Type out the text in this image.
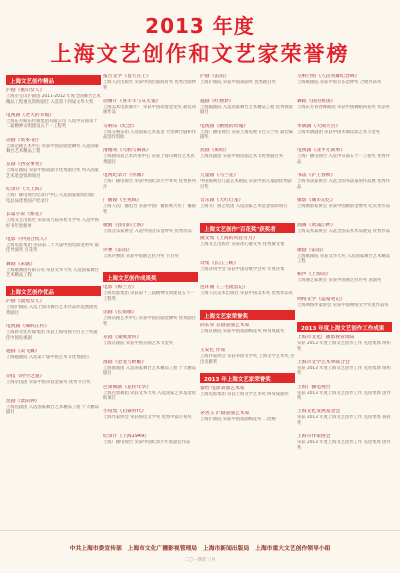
2013 年度
上海文艺创作和文艺家荣誉榜
上海文艺创作精品
沪剧《挑山女人》
上海市宝山沪剧团 2011-2012 年度全国舞台艺术精品工程重点资助剧目 入选第十四届文华大奖
电视剧《老大的幸福》
上海东方娱乐传媒集团有限公司 入选中宣部第十二届精神文明建设五个一工程奖
话剧《资本·论》
上海话剧艺术中心 荣获中国话剧金狮奖 入选国家舞台艺术精品工程
京剧《西安事变》
上海京剧院 荣获中国戏剧节优秀剧目奖 列入国家艺术基金资助项目
纪录片《大上海》
上海广播电视台纪录片中心 入选国家新闻出版广电总局优秀国产纪录片
长篇小说《繁花》
上海文艺出版社 荣获第九届茅盾文学奖 入选中国好书年度榜单
电影《中国合伙人》
上海电影集团 荣获第二十九届中国电影金鸡奖 最佳导演奖 百花奖
舞剧《朱鹮》
上海歌舞团有限公司 荣获文华大奖 入选国家舞台艺术精品工程
上海文艺创作优品
沪剧《敦煌女儿》
上海沪剧院 入选上海市舞台艺术作品评选展演优秀剧目
电视剧《辣妈正传》
上海新文化传媒集团 荣获上海电视节白玉兰奖最佳中国电视剧
越剧《双飞翼》
上海越剧院 入选第十届中国艺术节优秀剧目
杂技《时空之旅》
上海杂技团 荣获中国杂技金菊奖 优秀节目奖
昆剧《景阳钟》
上海昆剧团 入选国家舞台艺术精品工程 十大精品剧目
报告文学《苍天在上》
上海人民出版社 荣获中国出版政府奖 优秀出版物奖
动画片《喜羊羊与灰太狼》
上海美术电影制片厂 荣获中国动漫金龙奖 最佳动画作品
交响乐《纪念》
上海交响乐团 入选国家艺术基金 大型舞台剧和作品创作资助
滑稽戏《乌鸦与麻雀》
上海独角戏艺术传承中心 荣获上海市舞台艺术优秀剧目
电视纪录片《外滩》
上海广播电视台 荣获中国纪录片学术奖 优秀系列片
广播剧《生死线》
上海人民广播电台 荣获中国广播影视大奖 广播剧奖
歌曲《我们的上海》
上海音乐家协会 入选中国音乐金钟奖 优秀作品
评弹《雷雨》
上海评弹团 荣获中国曲艺牡丹奖 节目奖
上海文艺创作成果奖
电影《梅兰芳》
上海电影集团 荣获第十三届精神文明建设五个一工程奖
话剧《长恨歌》
上海话剧艺术中心 荣获中国话剧金狮奖 优秀剧目奖
京剧《成败萧何》
上海京剧院 荣获中国京剧艺术节金奖
淮剧《金龙与蜉蝣》
上海淮剧团 入选国家舞台艺术精品工程 十大精品剧目
芭蕾舞剧《花样年华》
上海芭蕾舞团 荣获文华大奖 入选国家艺术基金资助项目
小说集《启蒙时代》
上海作家协会 荣获鲁迅文学奖 优秀中篇小说奖
纪录片《上海1949》
上海广播电视台 荣获中国纪录片年度最佳作品
沪剧《雷雨》
上海沪剧院 荣获中国戏剧奖 优秀剧目奖
越剧《红楼梦》
上海越剧院 入选国家舞台艺术精品工程 优秀保留剧目
电视剧《燃烧的玫瑰》
上海广播电视台 荣获上海电视节白玉兰奖 最佳编剧奖
昆剧《班昭》
上海昆剧团 荣获中国昆剧艺术节优秀剧目奖
儿童剧《马兰花》
中国福利会儿童艺术剧院 荣获中国儿童剧优秀剧目奖
音乐剧《大红灯笼》
上海文广演艺集团 入选国家艺术基金资助项目
上海文艺创作"百花奖"获奖者
散文集《上海的风花雪月》
上海文艺出版社 荣获冰心散文奖 优秀散文集
诗集《长江三峡》
上海诗词学会 荣获中国诗歌学会奖 年度诗集
连环画《三毛流浪记》
上海人民美术出版社 荣获中国美术奖 优秀作品奖
上海文艺家荣誉奖
尚长荣 京剧表演艺术家
上海京剧院 荣获中国戏剧梅花奖 终身成就奖
王安忆 作家
上海作家协会 荣获茅盾文学奖 上海文学艺术奖 杰出贡献奖
2013 年上海文艺家荣誉奖
秦怡 电影表演艺术家
上海电影集团 荣获上海文学艺术奖 终身成就奖
茅善玉 沪剧表演艺术家
上海沪剧院 荣获中国戏剧梅花奖 二度梅
交响合唱《人民英雄纪念碑》
上海歌剧院 荣获中国音乐金钟奖 合唱作品奖
舞蹈《我的祖国》
上海东方青春舞蹈团 荣获中国舞蹈荷花奖 作品奖
木偶剧《大闹天宫》
上海木偶剧团 荣获中国木偶皮影艺术节金奖
电视剧《北平无战事》
上海广播电视台 入选中宣部五个一工程奖 优秀作品
书法《沪上春秋》
上海书法家协会 入选全国书法篆刻作品展 优秀作品
摄影《城市记忆》
上海摄影家协会 荣获中国摄影金像奖 纪实类作品
油画《黄浦江畔》
上海美术家协会 入选全国美术作品展览 优秀作品
歌剧《雷雨》
上海歌剧院 荣获文华大奖 入选国家舞台艺术精品工程
相声《上海话》
上海曲艺家协会 荣获中国曲艺牡丹奖 表演奖
网络文学《盗墓笔记》
上海网络作家协会 荣获中国网络文学年度作品奖
2013 年度上海文艺创作工作成果
上海市文化广播影视管理局
荣获 2013 年度上海文艺创作工作 先进集体 组织奖
上海市文学艺术界联合会
荣获 2013 年度上海文艺创作工作 先进集体 组织奖
上海广播电视台
荣获 2013 年度上海文艺创作工作 先进集体 创作奖
上海文化发展基金会
荣获 2013 年度上海文艺创作工作 先进集体 扶持奖
上海市作家协会
荣获 2013 年度上海文艺创作工作 先进集体 创作奖
中共上海市委宣传部　上海市文化广播影视管理局　上海市新闻出版局　上海市重大文艺创作领导小组
二〇一四年三月
